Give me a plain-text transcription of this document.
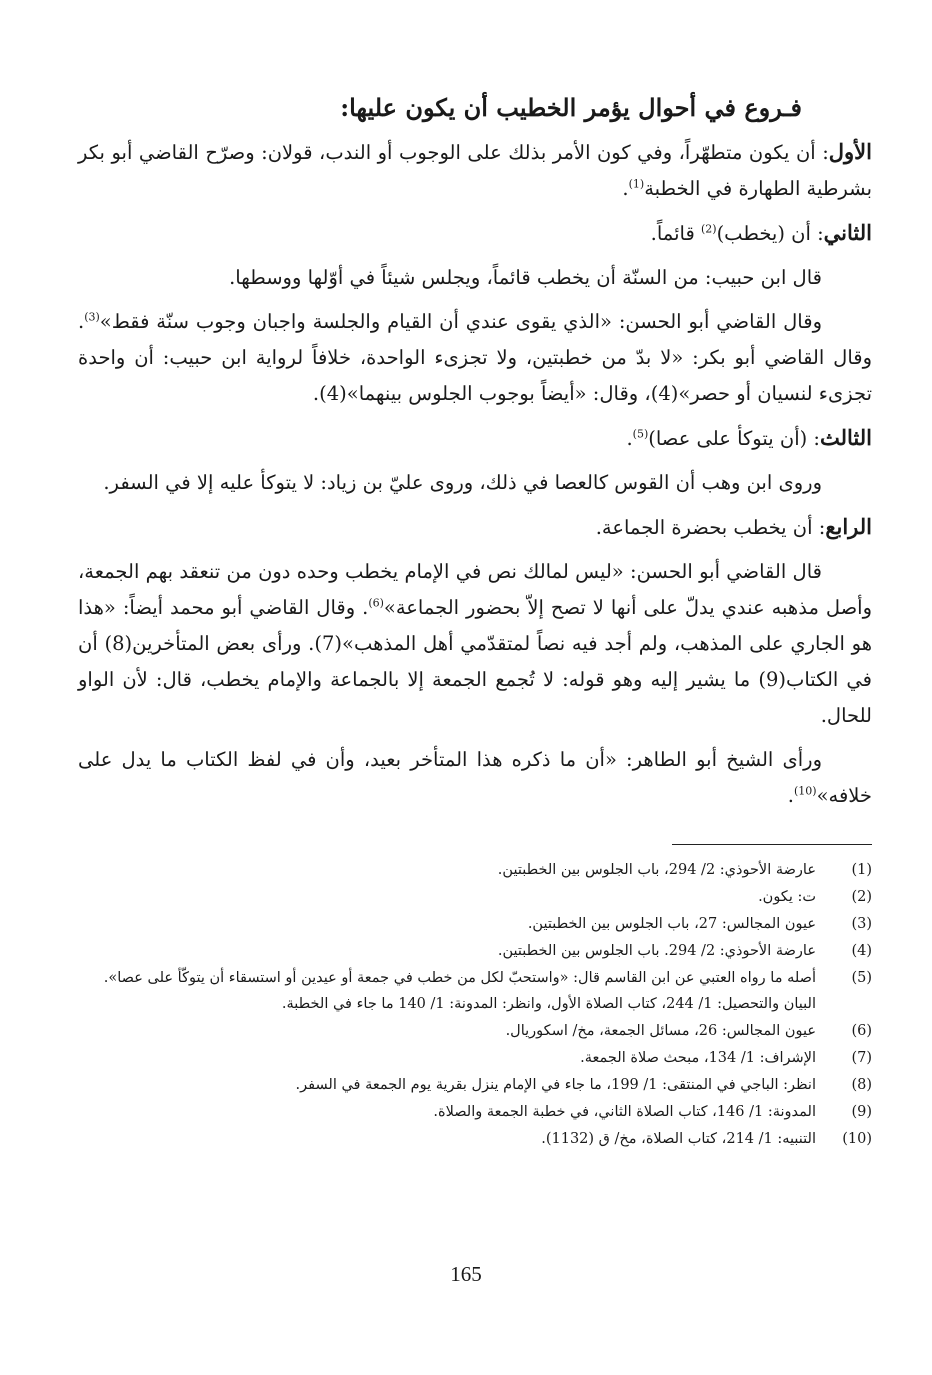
فـروع في أحوال يؤمر الخطيب أن يكون عليها:

الأول: أن يكون متطهّراً، وفي كون الأمر بذلك على الوجوب أو الندب، قولان: وصرّح القاضي أبو بكر بشرطية الطهارة في الخطبة$^{(1)}$.

الثاني: أن (يخطب)$^{(2)}$ قائماً.

قال ابن حبيب: من السنّة أن يخطب قائماً، ويجلس شيئاً في أوّلها ووسطها.

وقال القاضي أبو الحسن: «الذي يقوى عندي أن القيام والجلسة واجبان وجوب سنّة فقط»$^{(3)}$. وقال القاضي أبو بكر: «لا بدّ من خطبتين، ولا تجزىء الواحدة، خلافاً لرواية ابن حبيب: أن واحدة تجزىء لنسيان أو حصر»(4)، وقال: «أيضاً بوجوب الجلوس بينهما»(4).

الثالث: (أن يتوكأ على عصا)$^{(5)}$.

وروى ابن وهب أن القوس كالعصا في ذلك، وروى عليّ بن زياد: لا يتوكأ عليه إلا في السفر.

الرابع: أن يخطب بحضرة الجماعة.

قال القاضي أبو الحسن: «ليس لمالك نص في الإمام يخطب وحده دون من تنعقد بهم الجمعة، وأصل مذهبه عندي يدلّ على أنها لا تصح إلاّ بحضور الجماعة»$^{(6)}$. وقال القاضي أبو محمد أيضاً: «هذا هو الجاري على المذهب، ولم أجد فيه نصاً لمتقدّمي أهل المذهب»(7). ورأى بعض المتأخرين(8) أن في الكتاب(9) ما يشير إليه وهو قوله: لا تُجمع الجمعة إلا بالجماعة والإمام يخطب، قال: لأن الواو للحال.

ورأى الشيخ أبو الطاهر: «أن ما ذكره هذا المتأخر بعيد، وأن في لفظ الكتاب ما يدل على خلافه»$^{(10)}$.

(1)
عارضة الأحوذي: 2/ 294، باب الجلوس بين الخطبتين.
(2)
ت: يكون.
(3)
عيون المجالس: 27، باب الجلوس بين الخطبتين.
(4)
عارضة الأحوذي: 2/ 294. باب الجلوس بين الخطبتين.
(5)
أصله ما رواه العتبي عن ابن القاسم قال: «واستحبّ لكل من خطب في جمعة أو عيدين أو استسقاء أن يتوكّأ على عصا». البيان والتحصيل: 1/ 244، كتاب الصلاة الأول، وانظر: المدونة: 1/ 140 ما جاء في الخطبة.
(6)
عيون المجالس: 26، مسائل الجمعة، مخ/ اسكوريال.
(7)
الإشراف: 1/ 134، مبحث صلاة الجمعة.
(8)
انظر: الباجي في المنتقى: 1/ 199، ما جاء في الإمام ينزل بقرية يوم الجمعة في السفر.
(9)
المدونة: 1/ 146، كتاب الصلاة الثاني، في خطبة الجمعة والصلاة.
(10)
التنبيه: 1/ 214، كتاب الصلاة، مخ/ ق (1132).
165
